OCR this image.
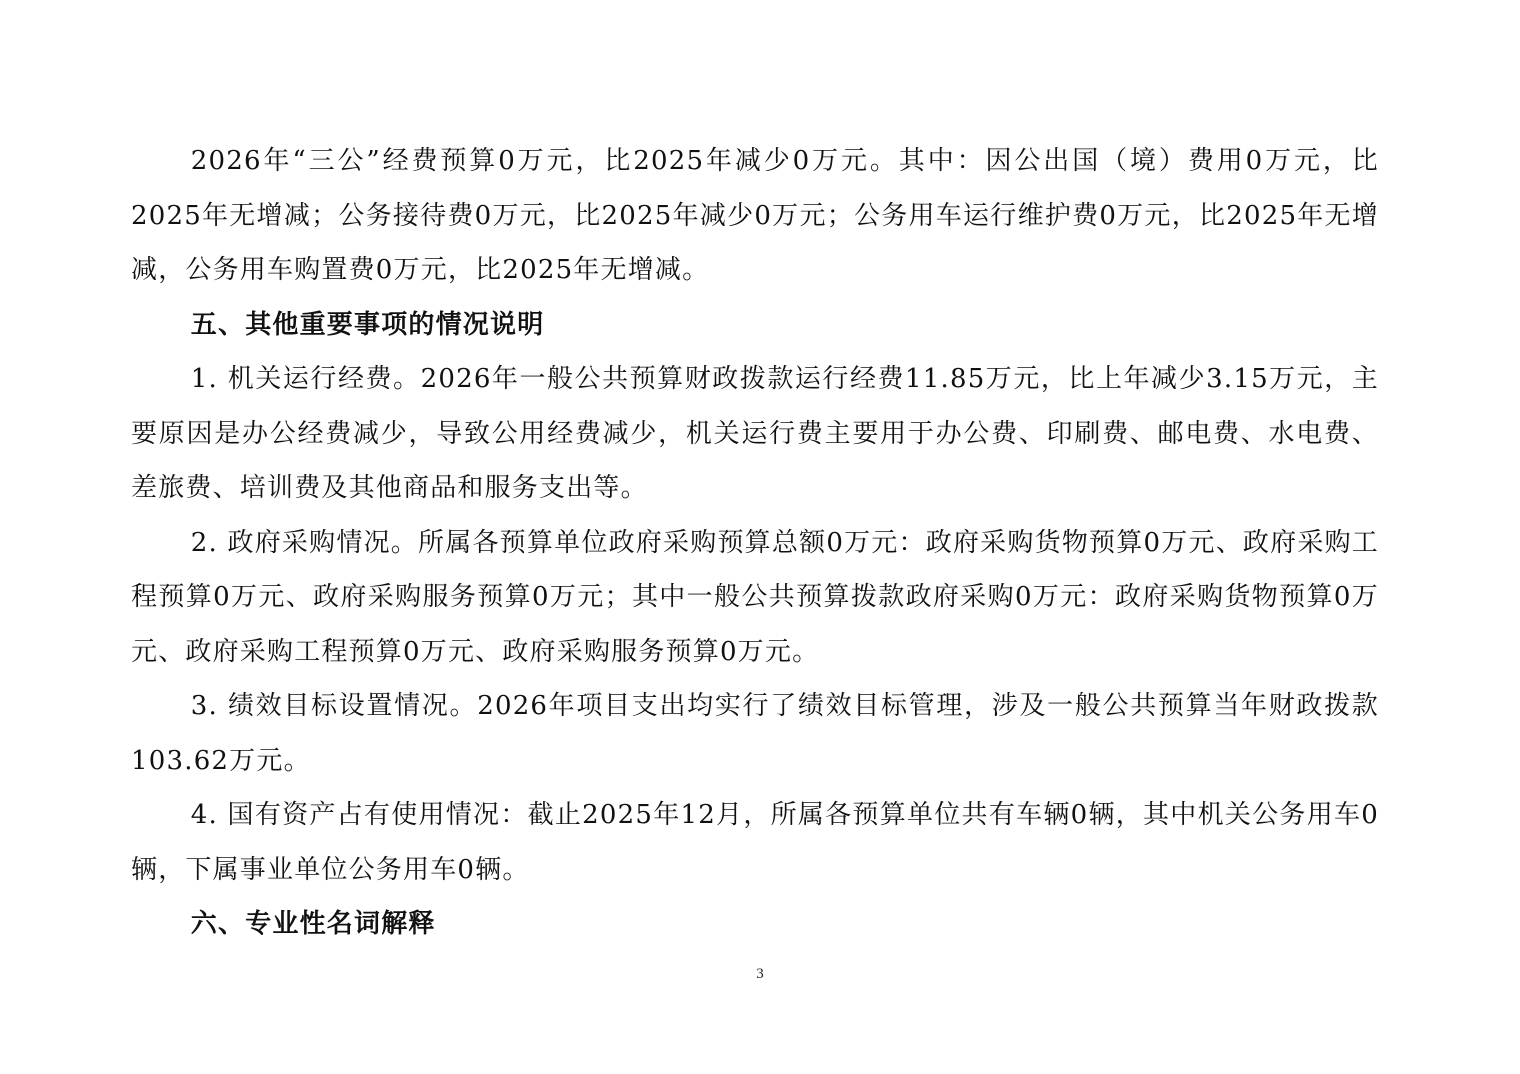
2026年“三公”经费预算0万元，比2025年减少0万元。其中：因公出国（境）费用0万元，比2025年无增减；公务接待费0万元，比2025年减少0万元；公务用车运行维护费0万元，比2025年无增减，公务用车购置费0万元，比2025年无增减。

五、其他重要事项的情况说明

1. 机关运行经费。2026年一般公共预算财政拨款运行经费11.85万元，比上年减少3.15万元，主要原因是办公经费减少，导致公用经费减少，机关运行费主要用于办公费、印刷费、邮电费、水电费、差旅费、培训费及其他商品和服务支出等。

2. 政府采购情况。所属各预算单位政府采购预算总额0万元：政府采购货物预算0万元、政府采购工程预算0万元、政府采购服务预算0万元；其中一般公共预算拨款政府采购0万元：政府采购货物预算0万元、政府采购工程预算0万元、政府采购服务预算0万元。

3. 绩效目标设置情况。2026年项目支出均实行了绩效目标管理，涉及一般公共预算当年财政拨款103.62万元。

4. 国有资产占有使用情况：截止2025年12月，所属各预算单位共有车辆0辆，其中机关公务用车0辆，下属事业单位公务用车0辆。

六、专业性名词解释

3
